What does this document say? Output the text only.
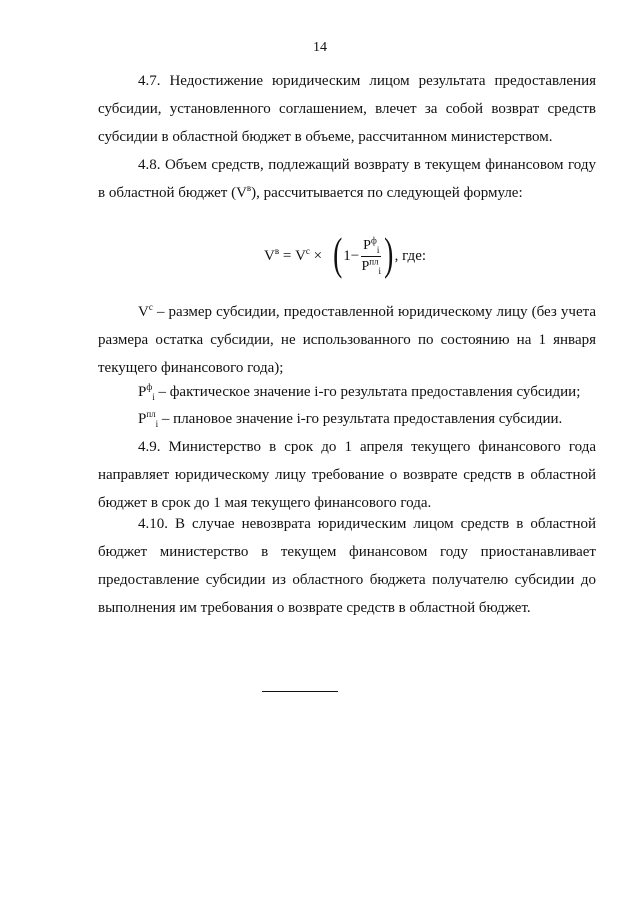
14
4.7. Недостижение юридическим лицом результата предоставления субсидии, установленного соглашением, влечет за собой возврат средств субсидии в областной бюджет в объеме, рассчитанном министерством.
4.8. Объем средств, подлежащий возврату в текущем финансовом году в областной бюджет $(V^в)$, рассчитывается по следующей формуле:
$V^в = V^с$ × ( $1- \frac{P^ф_i}{P^{пл}_i}$ ) , где:
$V^с$ – размер субсидии, предоставленной юридическому лицу (без учета размера остатка субсидии, не использованного по состоянию на 1 января текущего финансового года);
$P^ф_i$ – фактическое значение i-го результата предоставления субсидии;
$P^{пл}_i$ – плановое значение i-го результата предоставления субсидии.
4.9. Министерство в срок до 1 апреля текущего финансового года направляет юридическому лицу требование о возврате средств в областной бюджет в срок до 1 мая текущего финансового года.
4.10. В случае невозврата юридическим лицом средств в областной бюджет министерство в текущем финансовом году приостанавливает предоставление субсидии из областного бюджета получателю субсидии до выполнения им требования о возврате средств в областной бюджет.
